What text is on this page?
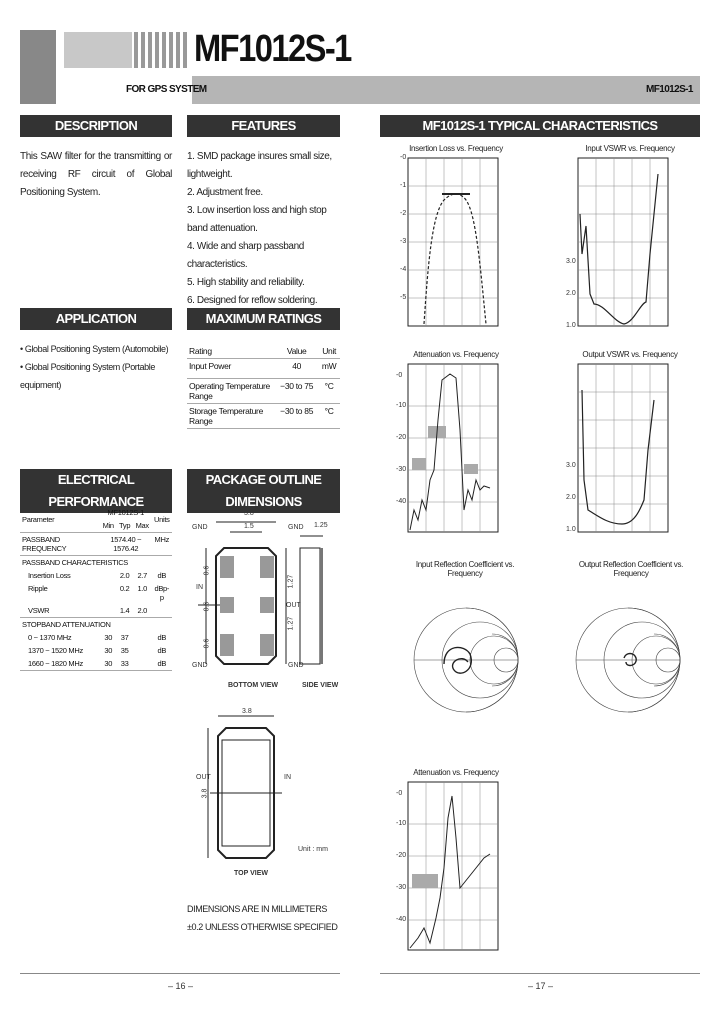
MF1012S-1
FOR GPS SYSTEM	MF1012S-1
DESCRIPTION
This SAW filter for the transmitting or receiving RF circuit of Global Positioning System.
FEATURES
1. SMD package insures small size, lightweight.
2. Adjustment free.
3. Low insertion loss and high stop band attenuation.
4. Wide and sharp passband characteristics.
5. High stability and reliability.
6. Designed for reflow soldering.
APPLICATION
• Global Positioning System (Automobile)
• Global Positioning System (Portable equipment)
MAXIMUM RATINGS
Rating	Value	Unit
Input Power	40	mW
Operating Temperature Range	−30 to 75	°C
Storage Temperature Range	−30 to 85	°C
ELECTRICAL PERFORMANCE
Parameter	MF1012S-1			Units
	Min	Typ	Max	
PASSBAND FREQUENCY	1574.40 ~ 1576.42			MHz
PASSBAND CHARACTERISTICS				
Insertion Loss		2.0	2.7	dB
Ripple		0.2	1.0	dBp-p
VSWR		1.4	2.0	
STOPBAND ATTENUATION				
0 ~ 1370 MHz	30	37		dB
1370 ~ 1520 MHz	30	35		dB
1660 ~ 1820 MHz	30	33		dB
PACKAGE OUTLINE DIMENSIONS
3.8
1.5	1.25
1.27
1.27
0.6
0.6
0.6
GND	GND
IN
OUT
GND	GND
BOTTOM VIEW	SIDE VIEW
3.8
3.8
OUT	IN
Unit : mm
TOP VIEW
DIMENSIONS ARE IN MILLIMETERS
±0.2 UNLESS OTHERWISE SPECIFIED
– 16 –
MF1012S-1 TYPICAL CHARACTERISTICS
Insertion Loss vs. Frequency
-0
-1
-2
-3
-4
-5
Input VSWR vs. Frequency
3.0
2.0
1.0
Attenuation vs. Frequency
-0
-10
-20
-30
-40
Output VSWR vs. Frequency
3.0
2.0
1.0
Input Reflection Coefficient vs. Frequency
Output Reflection Coefficient vs. Frequency
Attenuation vs. Frequency
-0
-10
-20
-30
-40
– 17 –
